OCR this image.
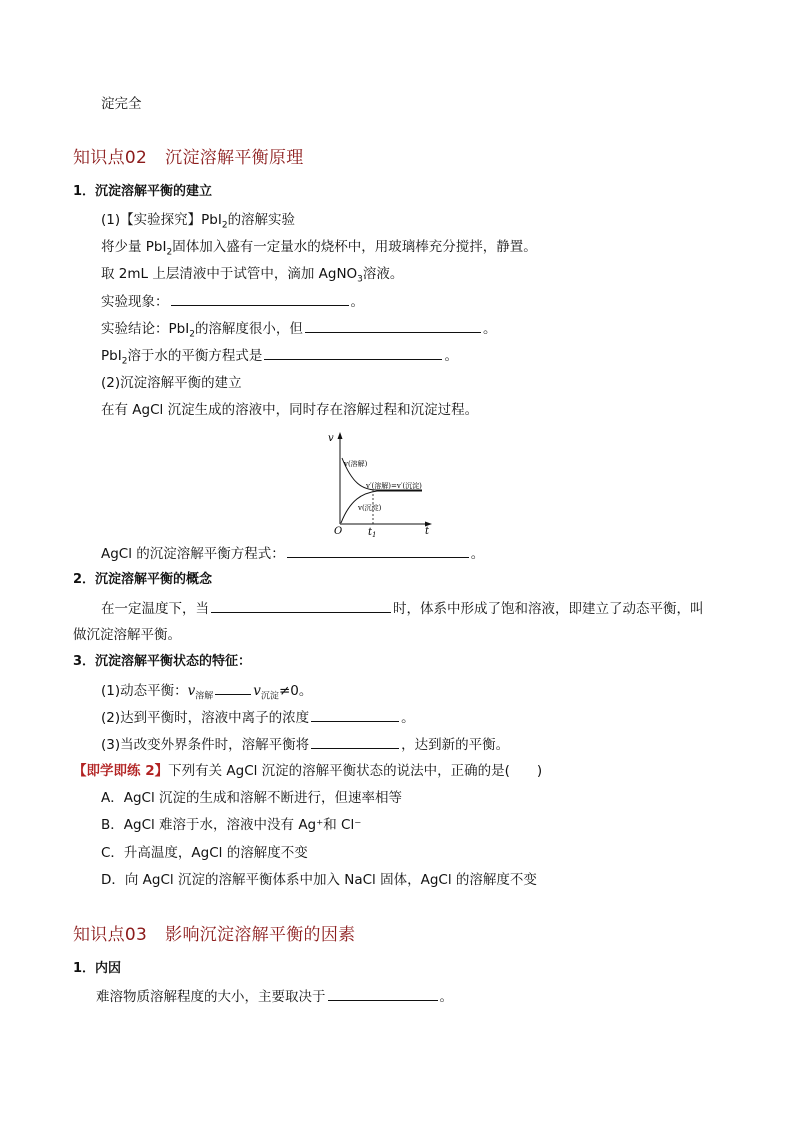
淀完全
知识点02 沉淀溶解平衡原理
1．沉淀溶解平衡的建立
(1)【实验探究】PbI$_2$的溶解实验
将少量 PbI$_2$固体加入盛有一定量水的烧杯中，用玻璃棒充分搅拌，静置。
取 2mL 上层清液中于试管中，滴加 AgNO$_3$溶液。
实验现象：	。
实验结论：PbI$_2$的溶解度很小，但	。
PbI$_2$溶于水的平衡方程式是	。
(2)沉淀溶解平衡的建立
在有 AgCl 沉淀生成的溶液中，同时存在溶解过程和沉淀过程。
v
t
O	$t_1$
v(溶解)
v′(溶解)=v′(沉淀)
v(沉淀)
AgCl 的沉淀溶解平衡方程式：	。
2．沉淀溶解平衡的概念
在一定温度下，当	时，体系中形成了饱和溶液，即建立了动态平衡，叫
做沉淀溶解平衡。
3．沉淀溶解平衡状态的特征：
(1)动态平衡：$v_{溶解}$	$v_{沉淀}\ne 0$。
(2)达到平衡时，溶液中离子的浓度	。
(3)当改变外界条件时，溶解平衡将	，达到新的平衡。
【即学即练 2】下列有关 AgCl 沉淀的溶解平衡状态的说法中，正确的是(　　)
A．AgCl 沉淀的生成和溶解不断进行，但速率相等
B．AgCl 难溶于水，溶液中没有 Ag⁺和 Cl⁻
C．升高温度，AgCl 的溶解度不变
D．向 AgCl 沉淀的溶解平衡体系中加入 NaCl 固体，AgCl 的溶解度不变
知识点03 影响沉淀溶解平衡的因素
1．内因
难溶物质溶解程度的大小，主要取决于	。
